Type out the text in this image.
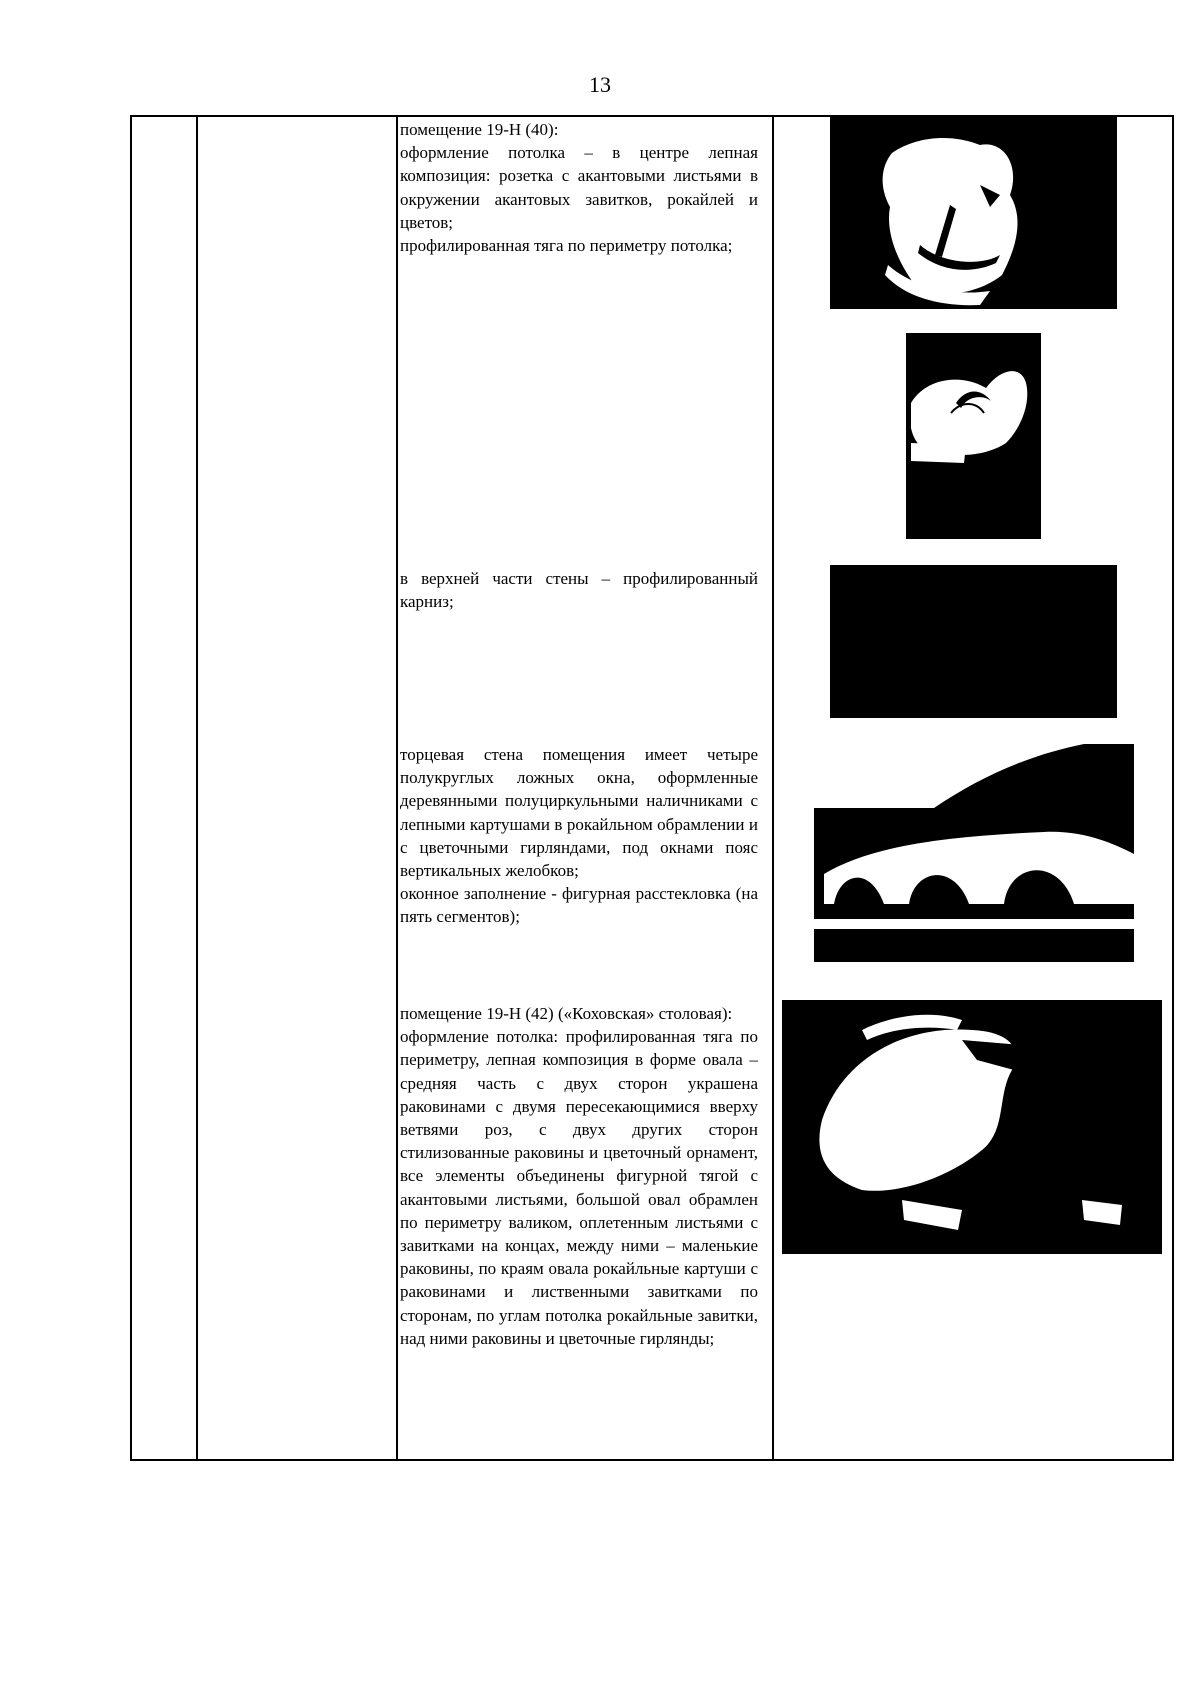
13

помещение 19-Н (40):

оформление потолка – в центре лепная композиция: розетка с акантовыми листьями в окружении акантовых завитков, рокайлей и цветов;

профилированная тяга по периметру потолка;

в верхней части стены – профилированный карниз;

торцевая стена помещения имеет четыре полукруглых ложных окна, оформленные деревянными полуциркульными наличниками с лепными картушами в рокайльном обрамлении и с цветочными гирляндами, под окнами пояс вертикальных желобков;

оконное заполнение - фигурная расстекловка (на пять сегментов);

помещение 19-Н (42) («Коховская» столовая):

оформление потолка: профилированная тяга по периметру, лепная композиция в форме овала – средняя часть с двух сторон украшена раковинами с двумя пересекающимися вверху ветвями роз, с двух других сторон стилизованные раковины и цветочный орнамент, все элементы объединены фигурной тягой с акантовыми листьями, большой овал обрамлен по периметру валиком, оплетенным листьями с завитками на концах, между ними – маленькие раковины, по краям овала рокайльные картуши с раковинами и лиственными завитками по сторонам, по углам потолка рокайльные завитки, над ними раковины и цветочные гирлянды;
